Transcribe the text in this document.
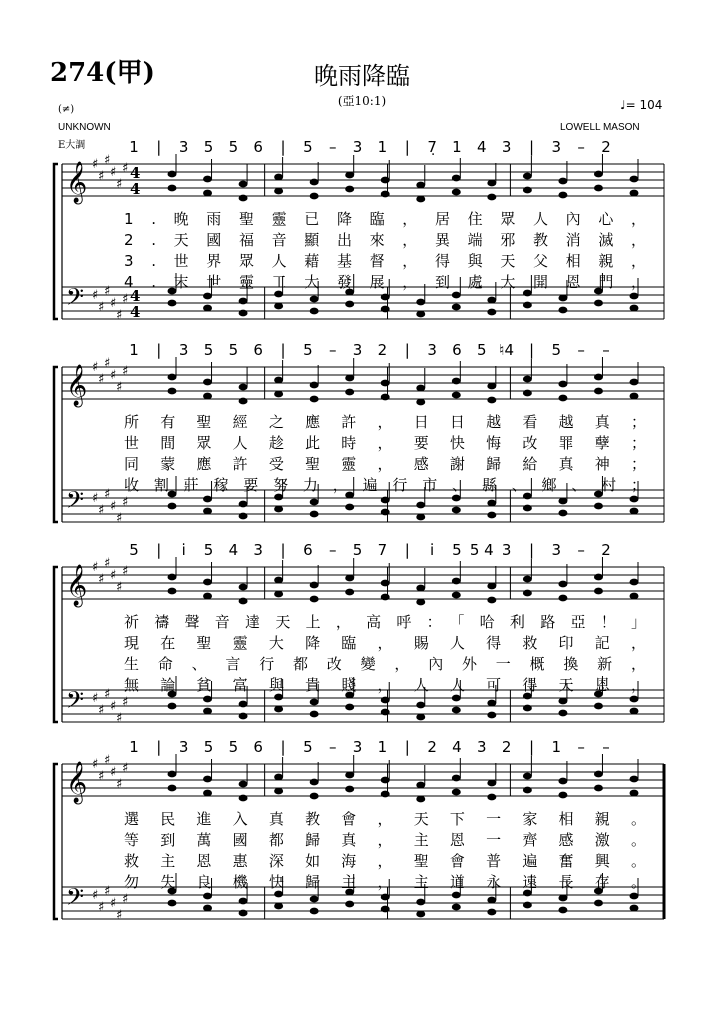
274(甲)	晚雨降臨
(亞10:1)	♩= 104
(≠)
UNKNOWN
E大調
LOWELL MASON
1 | 3 5 5 6 | 5 – 3 1 | 7̣ 1 4 3 | 3 – 2
𝄞 ♯
♯
♯
♯
♯
♯ 4
4
𝄢 ♯
♯
♯
♯
♯
♯ 4
4
1.晚雨聖靈已降臨，居住眾人內心，
2.天國福音顯出來，異端邪教消滅，
3.世界眾人藉基督，得與天父相親，
4.末世靈工大發展，到處大開恩門，
1 | 3 5 5 6 | 5 – 3 2 | 3 6 5 ♮4 | 5 – –
𝄞 ♯
♯
♯
♯
♯
♯
𝄢 ♯
♯
♯
♯
♯
♯
所有聖經之應許，日日越看越真；
世間眾人趁此時，要快悔改罪孽；
同蒙應許受聖靈，感謝歸給真神；
收割莊稼要努力，遍行市、縣、鄉、村；
5 | i̇ 5 4 3 | 6 – 5 7 | i̇ 5 5 4 3 | 3 – 2
𝄞 ♯
♯
♯
♯
♯
♯
𝄢 ♯
♯
♯
♯
♯
♯
祈禱聲音達天上，高呼：「哈利路亞！」
現在聖靈大降臨，賜人得救印記，
生命、言行都改變，內外一概換新，
無論貧富與貴賤，人人可得天恩，
1 | 3 5 5 6 | 5 – 3 1 | 2 4 3 2 | 1 – –
𝄞 ♯
♯
♯
♯
♯
♯
𝄢 ♯
♯
♯
♯
♯
♯
選民進入真教會，天下一家相親。
等到萬國都歸真，主恩一齊感激。
救主恩惠深如海，聖會普遍奮興。
勿失良機快歸主，主道永遠長存。
